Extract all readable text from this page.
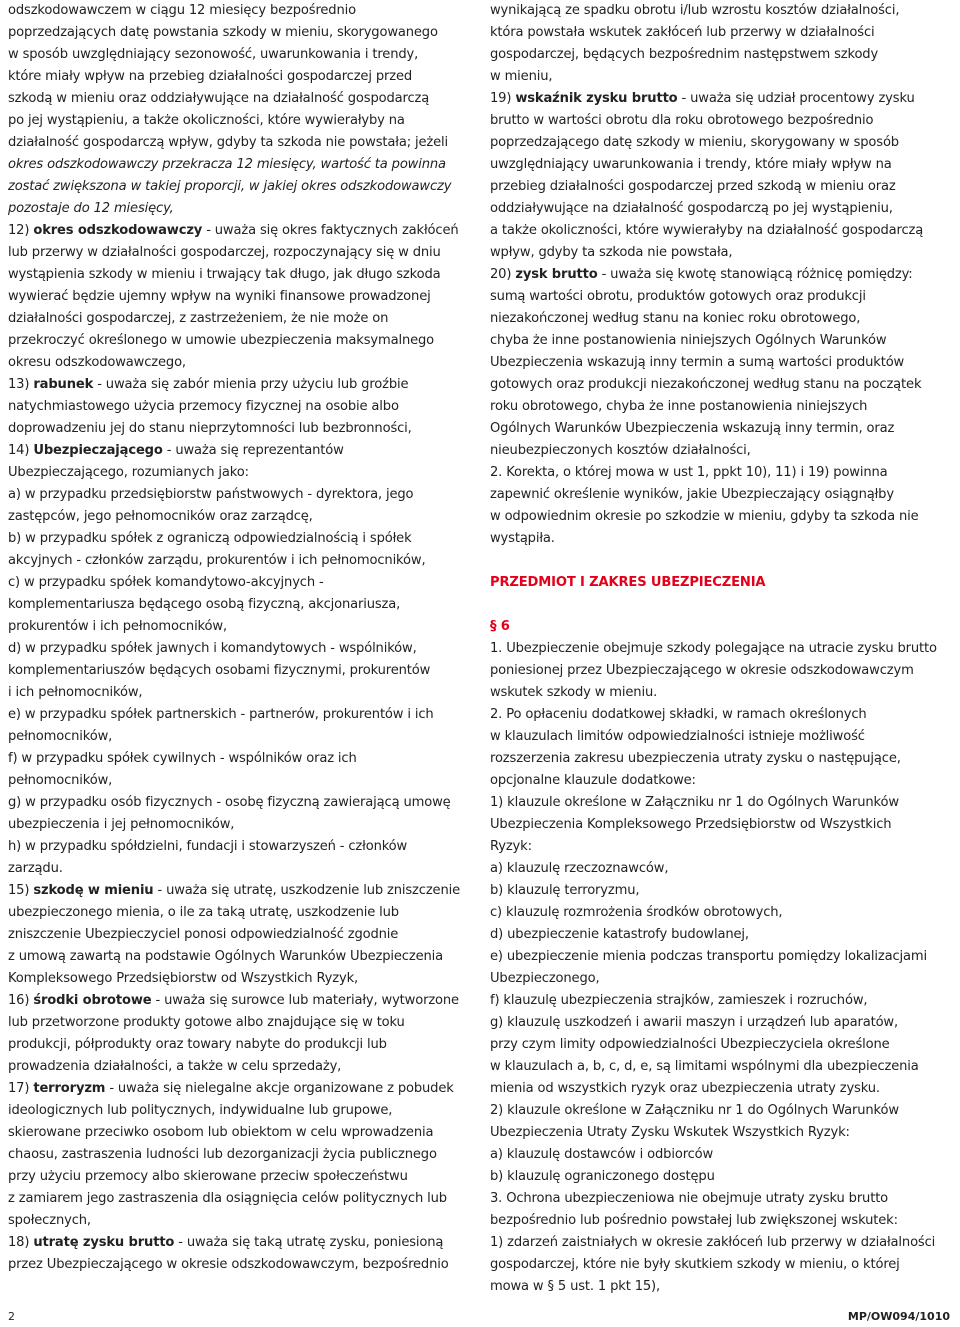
odszkodowawczem w ciągu 12 miesięcy bezpośrednio
poprzedzających datę powstania szkody w mieniu, skorygowanego
w sposób uwzględniający sezonowość, uwarunkowania i trendy,
które miały wpływ na przebieg działalności gospodarczej przed
szkodą w mieniu oraz oddziaływujące na działalność gospodarczą
po jej wystąpieniu, a także okoliczności, które wywierałyby na
działalność gospodarczą wpływ, gdyby ta szkoda nie powstała; jeżeli
okres odszkodowawczy przekracza 12 miesięcy, wartość ta powinna
zostać zwiększona w takiej proporcji, w jakiej okres odszkodowawczy
pozostaje do 12 miesięcy,
12) okres odszkodowawczy - uważa się okres faktycznych zakłóceń
lub przerwy w działalności gospodarczej, rozpoczynający się w dniu
wystąpienia szkody w mieniu i trwający tak długo, jak długo szkoda
wywierać będzie ujemny wpływ na wyniki finansowe prowadzonej
działalności gospodarczej, z zastrzeżeniem, że nie może on
przekroczyć określonego w umowie ubezpieczenia maksymalnego
okresu odszkodowawczego,
13) rabunek - uważa się zabór mienia przy użyciu lub groźbie
natychmiastowego użycia przemocy fizycznej na osobie albo
doprowadzeniu jej do stanu nieprzytomności lub bezbronności,
14) Ubezpieczającego - uważa się reprezentantów
Ubezpieczającego, rozumianych jako:
a) w przypadku przedsiębiorstw państwowych - dyrektora, jego
zastępców, jego pełnomocników oraz zarządcę,
b) w przypadku spółek z ograniczą odpowiedzialnością i spółek
akcyjnych - członków zarządu, prokurentów i ich pełnomocników,
c) w przypadku spółek komandytowo-akcyjnych -
komplementariusza będącego osobą fizyczną, akcjonariusza,
prokurentów i ich pełnomocników,
d) w przypadku spółek jawnych i komandytowych - wspólników,
komplementariuszów będących osobami fizycznymi, prokurentów
i ich pełnomocników,
e) w przypadku spółek partnerskich - partnerów, prokurentów i ich
pełnomocników,
f) w przypadku spółek cywilnych - wspólników oraz ich
pełnomocników,
g) w przypadku osób fizycznych - osobę fizyczną zawierającą umowę
ubezpieczenia i jej pełnomocników,
h) w przypadku spółdzielni, fundacji i stowarzyszeń - członków
zarządu.
15) szkodę w mieniu - uważa się utratę, uszkodzenie lub zniszczenie
ubezpieczonego mienia, o ile za taką utratę, uszkodzenie lub
zniszczenie Ubezpieczyciel ponosi odpowiedzialność zgodnie
z umową zawartą na podstawie Ogólnych Warunków Ubezpieczenia
Kompleksowego Przedsiębiorstw od Wszystkich Ryzyk,
16) środki obrotowe - uważa się surowce lub materiały, wytworzone
lub przetworzone produkty gotowe albo znajdujące się w toku
produkcji, półprodukty oraz towary nabyte do produkcji lub
prowadzenia działalności, a także w celu sprzedaży,
17) terroryzm - uważa się nielegalne akcje organizowane z pobudek
ideologicznych lub politycznych, indywidualne lub grupowe,
skierowane przeciwko osobom lub obiektom w celu wprowadzenia
chaosu, zastraszenia ludności lub dezorganizacji życia publicznego
przy użyciu przemocy albo skierowane przeciw społeczeństwu
z zamiarem jego zastraszenia dla osiągnięcia celów politycznych lub
społecznych,
18) utratę zysku brutto - uważa się taką utratę zysku, poniesioną
przez Ubezpieczającego w okresie odszkodowawczym, bezpośrednio
wynikającą ze spadku obrotu i/lub wzrostu kosztów działalności,
która powstała wskutek zakłóceń lub przerwy w działalności
gospodarczej, będących bezpośrednim następstwem szkody
w mieniu,
19) wskaźnik zysku brutto - uważa się udział procentowy zysku
brutto w wartości obrotu dla roku obrotowego bezpośrednio
poprzedzającego datę szkody w mieniu, skorygowany w sposób
uwzględniający uwarunkowania i trendy, które miały wpływ na
przebieg działalności gospodarczej przed szkodą w mieniu oraz
oddziaływujące na działalność gospodarczą po jej wystąpieniu,
a także okoliczności, które wywierałyby na działalność gospodarczą
wpływ, gdyby ta szkoda nie powstała,
20) zysk brutto - uważa się kwotę stanowiącą różnicę pomiędzy:
sumą wartości obrotu, produktów gotowych oraz produkcji
niezakończonej według stanu na koniec roku obrotowego,
chyba że inne postanowienia niniejszych Ogólnych Warunków
Ubezpieczenia wskazują inny termin a sumą wartości produktów
gotowych oraz produkcji niezakończonej według stanu na początek
roku obrotowego, chyba że inne postanowienia niniejszych
Ogólnych Warunków Ubezpieczenia wskazują inny termin, oraz
nieubezpieczonych kosztów działalności,
2. Korekta, o której mowa w ust 1, ppkt 10), 11) i 19) powinna
zapewnić określenie wyników, jakie Ubezpieczający osiągnąłby
w odpowiednim okresie po szkodzie w mieniu, gdyby ta szkoda nie
wystąpiła.
PRZEDMIOT I ZAKRES UBEZPIECZENIA
§ 6
1. Ubezpieczenie obejmuje szkody polegające na utracie zysku brutto
poniesionej przez Ubezpieczającego w okresie odszkodowawczym
wskutek szkody w mieniu.
2. Po opłaceniu dodatkowej składki, w ramach określonych
w klauzulach limitów odpowiedzialności istnieje możliwość
rozszerzenia zakresu ubezpieczenia utraty zysku o następujące,
opcjonalne klauzule dodatkowe:
1) klauzule określone w Załączniku nr 1 do Ogólnych Warunków
Ubezpieczenia Kompleksowego Przedsiębiorstw od Wszystkich
Ryzyk:
a) klauzulę rzeczoznawców,
b) klauzulę terroryzmu,
c) klauzulę rozmrożenia środków obrotowych,
d) ubezpieczenie katastrofy budowlanej,
e) ubezpieczenie mienia podczas transportu pomiędzy lokalizacjami
Ubezpieczonego,
f) klauzulę ubezpieczenia strajków, zamieszek i rozruchów,
g) klauzulę uszkodzeń i awarii maszyn i urządzeń lub aparatów,
przy czym limity odpowiedzialności Ubezpieczyciela określone
w klauzulach a, b, c, d, e, są limitami wspólnymi dla ubezpieczenia
mienia od wszystkich ryzyk oraz ubezpieczenia utraty zysku.
2) klauzule określone w Załączniku nr 1 do Ogólnych Warunków
Ubezpieczenia Utraty Zysku Wskutek Wszystkich Ryzyk:
a) klauzulę dostawców i odbiorców
b) klauzulę ograniczonego dostępu
3. Ochrona ubezpieczeniowa nie obejmuje utraty zysku brutto
bezpośrednio lub pośrednio powstałej lub zwiększonej wskutek:
1) zdarzeń zaistniałych w okresie zakłóceń lub przerwy w działalności
gospodarczej, które nie były skutkiem szkody w mieniu, o której
mowa w § 5 ust. 1 pkt 15),
2	MP/OW094/1010
